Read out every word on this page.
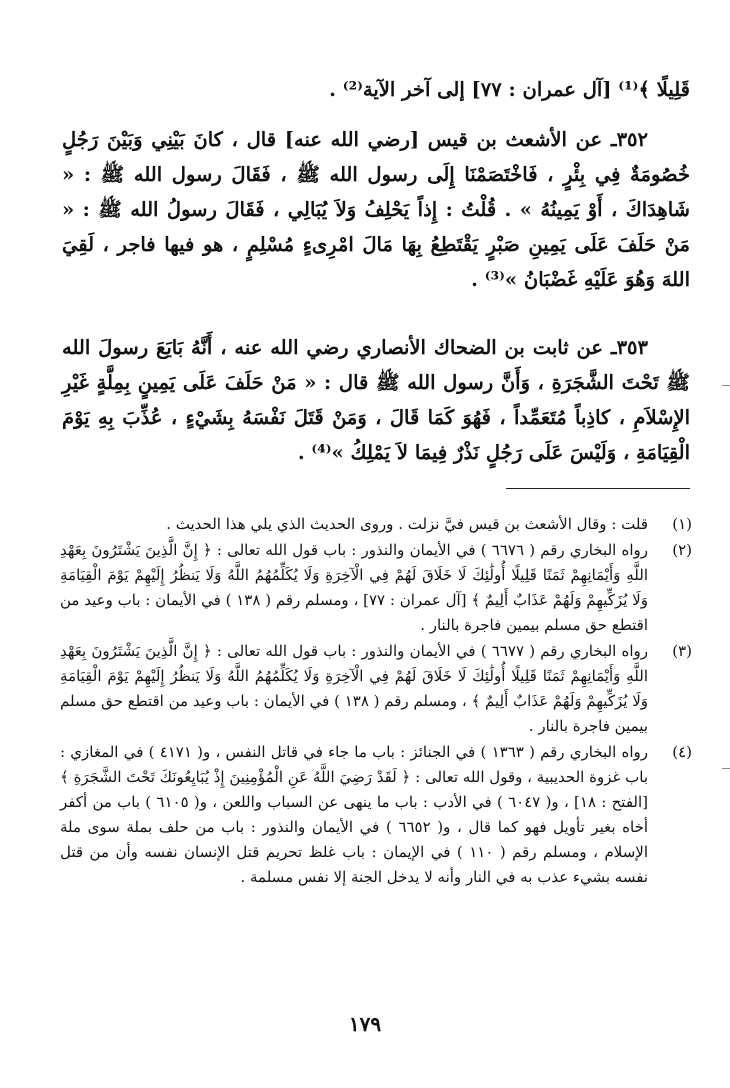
قَلِيلًا ﴾⁽¹⁾ [آل عمران : ٧٧] إلى آخر الآية⁽²⁾ .

٣٥٢ـ عن الأشعث بن قيس [رضي الله عنه] قال ، كانَ بَيْنِي وَبَيْنَ رَجُلٍ خُصُومَةٌ فِي بِئْرٍ ، فَاخْتَصَمْنَا إِلَى رسول الله ﷺ ، فَقَالَ رسول الله ﷺ : « شَاهِدَاكَ ، أَوْ يَمِينُهُ » . قُلْتُ : إِذاً يَحْلِفُ وَلاَ يُبَالِي ، فَقَالَ رسولُ الله ﷺ : « مَنْ حَلَفَ عَلَى يَمِينِ صَبْرٍ يَقْتَطِعُ بِهَا مَالَ امْرِىءٍ مُسْلِمٍ ، هو فيها فاجر ، لَقِيَ اللهَ وَهُوَ عَلَيْهِ غَضْبَانُ »⁽³⁾ .

٣٥٣ـ عن ثابت بن الضحاك الأنصاري رضي الله عنه ، أَنَّهُ بَايَعَ رسولَ الله ﷺ تَحْتَ الشَّجَرَةِ ، وَأَنَّ رسول الله ﷺ قال : « مَنْ حَلَفَ عَلَى يَمِينٍ بِمِلَّةٍ غَيْرِ الإِسْلاَمِ ، كاذِباً مُتَعَمِّداً ، فَهُوَ كَمَا قَالَ ، وَمَنْ قَتَلَ نَفْسَهُ بِشَيْءٍ ، عُذِّبَ بِهِ يَوْمَ الْقِيَامَةِ ، وَلَيْسَ عَلَى رَجُلٍ نَذْرٌ فِيمَا لاَ يَمْلِكُ »⁽⁴⁾ .

(١)
قلت : وقال الأشعث بن قيس فيَّ نزلت . وروى الحديث الذي يلي هذا الحديث .
(٢)
رواه البخاري رقم ( ٦٦٧٦ ) في الأيمان والنذور : باب قول الله تعالى : ﴿ إِنَّ الَّذِينَ يَشْتَرُونَ بِعَهْدِ اللَّهِ وَأَيْمَانِهِمْ ثَمَنًا قَلِيلًا أُولَٰئِكَ لَا خَلَاقَ لَهُمْ فِي الْآخِرَةِ وَلَا يُكَلِّمُهُمُ اللَّهُ وَلَا يَنظُرُ إِلَيْهِمْ يَوْمَ الْقِيَامَةِ وَلَا يُزَكِّيهِمْ وَلَهُمْ عَذَابٌ أَلِيمٌ ﴾ [آل عمران : ٧٧] ، ومسلم رقم ( ١٣٨ ) في الأيمان : باب وعيد من اقتطع حق مسلم بيمين فاجرة بالنار .
(٣)
رواه البخاري رقم ( ٦٦٧٧ ) في الأيمان والنذور : باب قول الله تعالى : ﴿ إِنَّ الَّذِينَ يَشْتَرُونَ بِعَهْدِ اللَّهِ وَأَيْمَانِهِمْ ثَمَنًا قَلِيلًا أُولَٰئِكَ لَا خَلَاقَ لَهُمْ فِي الْآخِرَةِ وَلَا يُكَلِّمُهُمُ اللَّهُ وَلَا يَنظُرُ إِلَيْهِمْ يَوْمَ الْقِيَامَةِ وَلَا يُزَكِّيهِمْ وَلَهُمْ عَذَابٌ أَلِيمٌ ﴾ ، ومسلم رقم ( ١٣٨ ) في الأيمان : باب وعيد من اقتطع حق مسلم بيمين فاجرة بالنار .
(٤)
رواه البخاري رقم ( ١٣٦٣ ) في الجنائز : باب ما جاء في قاتل النفس ، و( ٤١٧١ ) في المغازي : باب غزوة الحديبية ، وقول الله تعالى : ﴿ لَقَدْ رَضِيَ اللَّهُ عَنِ الْمُؤْمِنِينَ إِذْ يُبَايِعُونَكَ تَحْتَ الشَّجَرَةِ ﴾ [الفتح : ١٨] ، و( ٦٠٤٧ ) في الأدب : باب ما ينهى عن السباب واللعن ، و( ٦١٠٥ ) باب من أكفر أخاه بغير تأويل فهو كما قال ، و( ٦٦٥٢ ) في الأيمان والنذور : باب من حلف بملة سوى ملة الإسلام ، ومسلم رقم ( ١١٠ ) في الإيمان : باب غلظ تحريم قتل الإنسان نفسه وأن من قتل نفسه بشيء عذب به في النار وأنه لا يدخل الجنة إلا نفس مسلمة .
١٧٩
